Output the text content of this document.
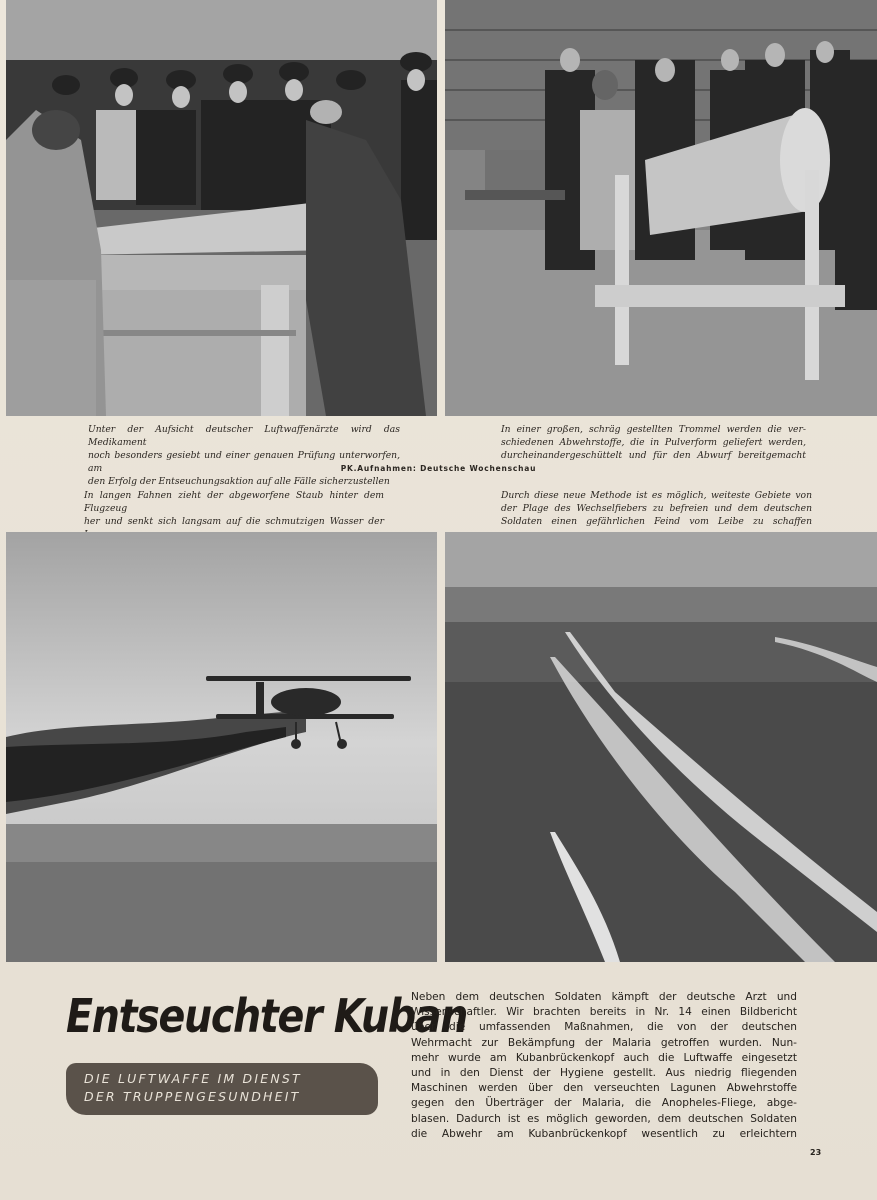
Unter der Aufsicht deutscher Luftwaffenärzte wird das Medikament
noch besonders gesiebt und einer genauen Prüfung unterworfen, am
den Erfolg der Entseuchungsaktion auf alle Fälle sicherzustellen

In einer großen, schräg gestellten Trommel werden die ver-
schiedenen Abwehrstoffe, die in Pulverform geliefert werden,
durcheinandergeschüttelt und für den Abwurf bereitgemacht

PK.Aufnahmen: Deutsche Wochenschau

In langen Fahnen zieht der abgeworfene Staub hinter dem Flugzeug
her und senkt sich langsam auf die schmutzigen Wasser der

Durch diese neue Methode ist es möglich, weiteste Gebiete von
der Plage des Wechselfiebers zu befreien und dem deutschen
Soldaten einen gefährlichen Feind vom Leibe zu schaffen

Entseuchter Kuban

DIE LUFTWAFFE IM DIENST
DER TRUPPENGESUNDHEIT

Neben dem deutschen Soldaten kämpft der deutsche Arzt und
Wissenschaftler. Wir brachten bereits in Nr. 14 einen Bildbericht
über die umfassenden Maßnahmen, die von der deutschen
Wehrmacht zur Bekämpfung der Malaria getroffen wurden. Nun-
mehr wurde am Kubanbrückenkopf auch die Luftwaffe eingesetzt
und in den Dienst der Hygiene gestellt. Aus niedrig fliegenden
Maschinen werden über den verseuchten Lagunen Abwehrstoffe
gegen den Überträger der Malaria, die Anopheles-Fliege, abge-
blasen. Dadurch ist es möglich geworden, dem deutschen Soldaten
die Abwehr am Kubanbrückenkopf wesentlich zu erleichtern
23
